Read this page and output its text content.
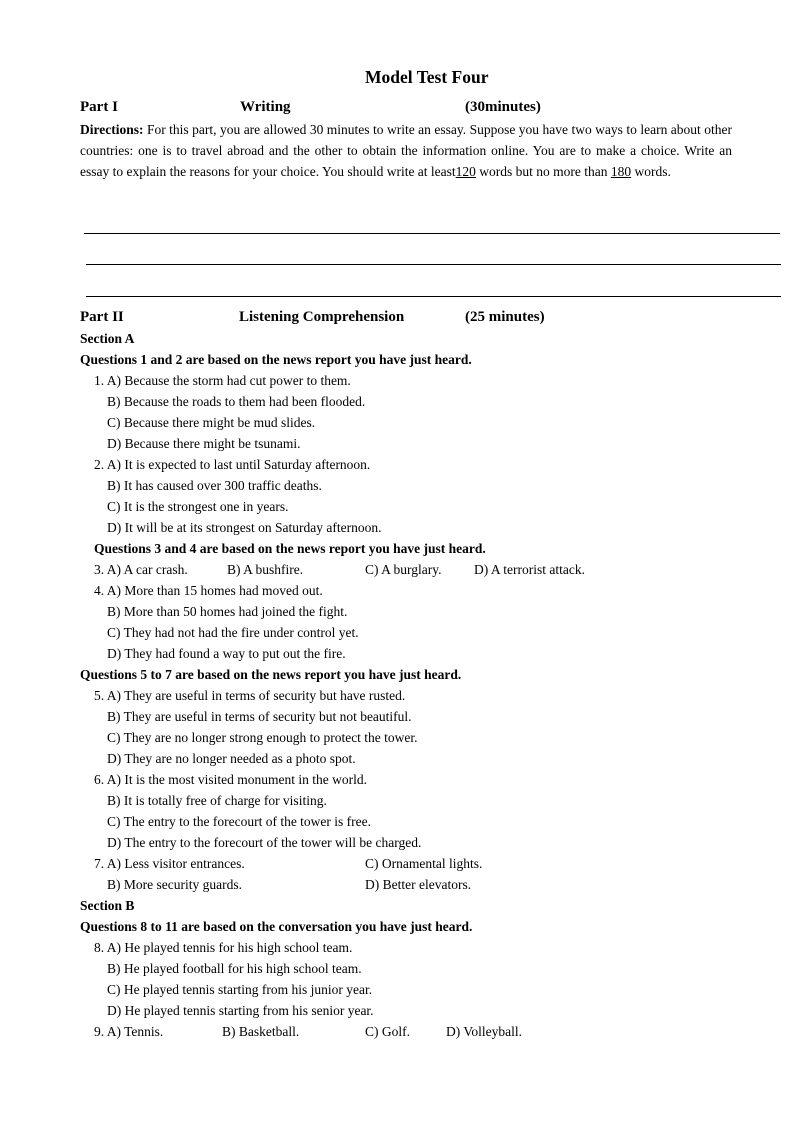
Model Test Four
Part I	Writing	(30minutes)
Directions: For this part, you are allowed 30 minutes to write an essay. Suppose you have two ways to learn about other countries: one is to travel abroad and the other to obtain the information online. You are to make a choice. Write an essay to explain the reasons for your choice. You should write at least120 words but no more than 180 words.
Part II	Listening Comprehension	(25 minutes)
Section A
Questions 1 and 2 are based on the news report you have just heard.
1. A) Because the storm had cut power to them.
B) Because the roads to them had been flooded.
C) Because there might be mud slides.
D) Because there might be tsunami.
2. A) It is expected to last until Saturday afternoon.
B) It has caused over 300 traffic deaths.
C) It is the strongest one in years.
D) It will be at its strongest on Saturday afternoon.
Questions 3 and 4 are based on the news report you have just heard.
3. A) A car crash.	B) A bushfire.	C) A burglary. D) A terrorist attack.
4. A) More than 15 homes had moved out.
B) More than 50 homes had joined the fight.
C) They had not had the fire under control yet.
D) They had found a way to put out the fire.
Questions 5 to 7 are based on the news report you have just heard.
5. A) They are useful in terms of security but have rusted.
B) They are useful in terms of security but not beautiful.
C) They are no longer strong enough to protect the tower.
D) They are no longer needed as a photo spot.
6. A) It is the most visited monument in the world.
B) It is totally free of charge for visiting.
C) The entry to the forecourt of the tower is free.
D) The entry to the forecourt of the tower will be charged.
7. A) Less visitor entrances.	C) Ornamental lights.
B) More security guards.	D) Better elevators.
Section B
Questions 8 to 11 are based on the conversation you have just heard.
8. A) He played tennis for his high school team.
B) He played football for his high school team.
C) He played tennis starting from his junior year.
D) He played tennis starting from his senior year.
9. A) Tennis.	B) Basketball.	C) Golf.	D) Volleyball.
